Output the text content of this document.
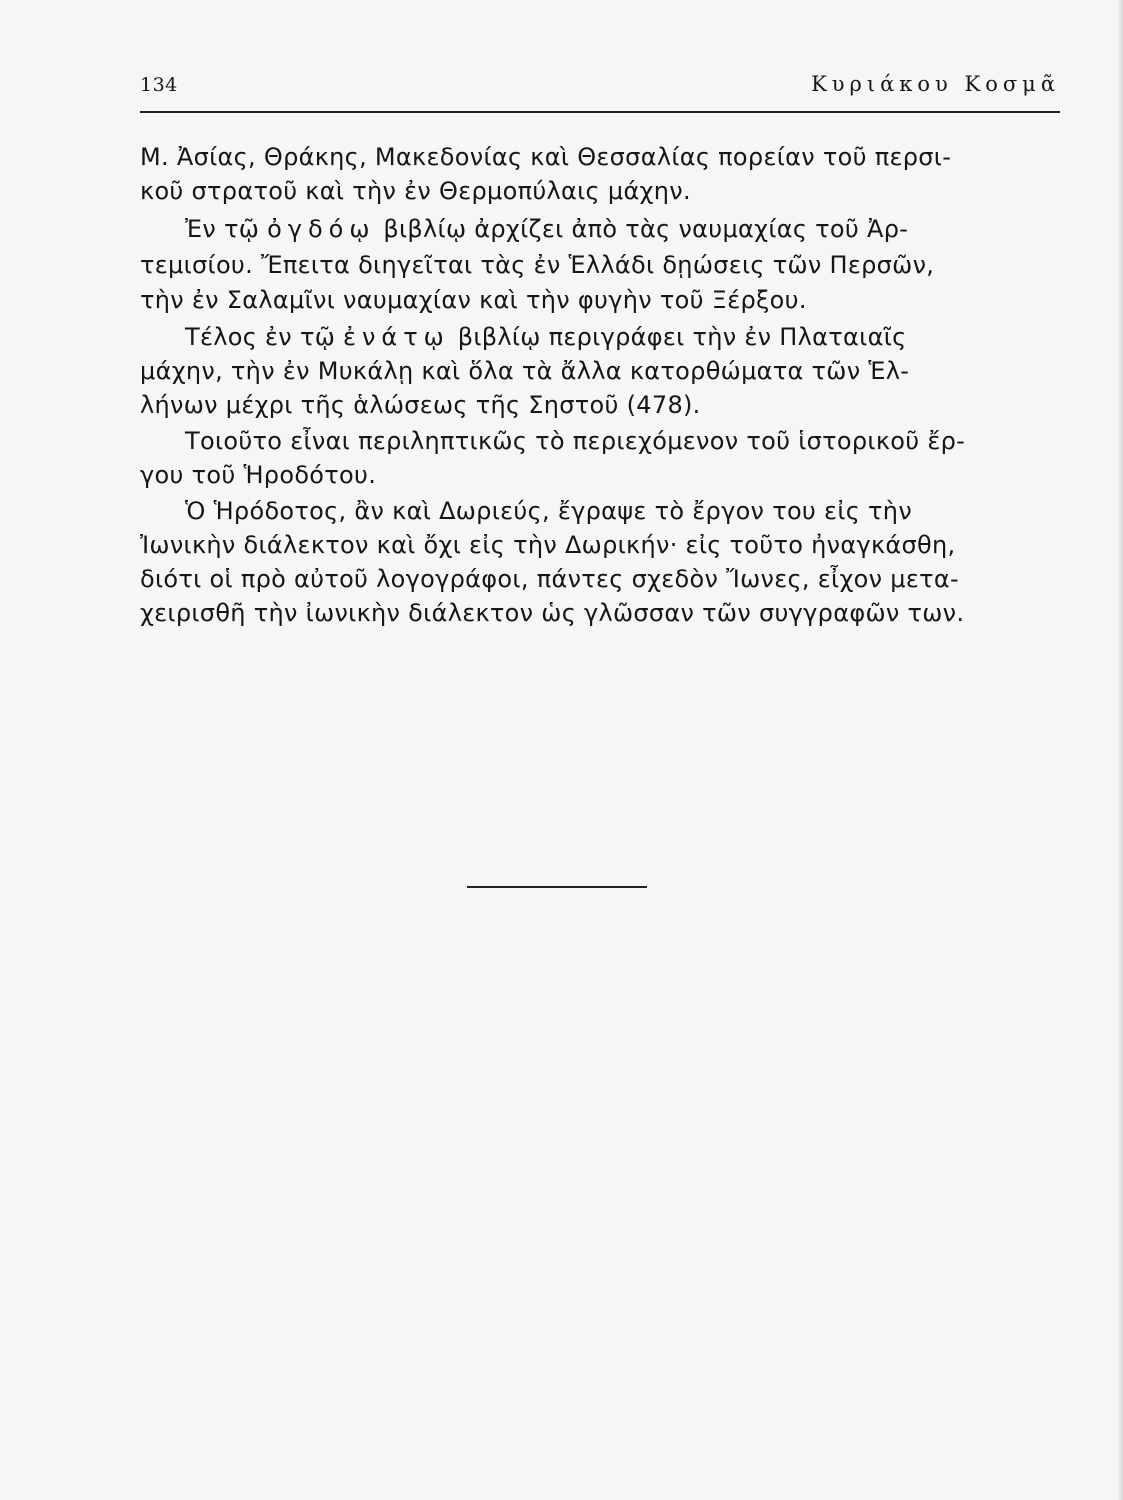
134	Κυριάκου Κοσμᾶ
Μ. Ἀσίας, Θράκης, Μακεδονίας καὶ Θεσσαλίας πορείαν τοῦ περσι-
κοῦ στρατοῦ καὶ τὴν ἐν Θερμοπύλαις μάχην.
Ἐν τῷ ὀγδόῳ βιβλίῳ ἀρχίζει ἀπὸ τὰς ναυμαχίας τοῦ Ἀρ-
τεμισίου. Ἔπειτα διηγεῖται τὰς ἐν Ἑλλάδι δῃώσεις τῶν Περσῶν,
τὴν ἐν Σαλαμῖνι ναυμαχίαν καὶ τὴν φυγὴν τοῦ Ξέρξου.
Τέλος ἐν τῷ ἐνάτῳ βιβλίῳ περιγράφει τὴν ἐν Πλαταιαῖς
μάχην, τὴν ἐν Μυκάλῃ καὶ ὅλα τὰ ἄλλα κατορθώματα τῶν Ἑλ-
λήνων μέχρι τῆς ἁλώσεως τῆς Σηστοῦ (478).
Τοιοῦτο εἶναι περιληπτικῶς τὸ περιεχόμενον τοῦ ἱστορικοῦ ἔρ-
γου τοῦ Ἡροδότου.
Ὁ Ἡρόδοτος, ἂν καὶ Δωριεύς, ἔγραψε τὸ ἔργον του εἰς τὴν
Ἰωνικὴν διάλεκτον καὶ ὄχι εἰς τὴν Δωρικήν· εἰς τοῦτο ἠναγκάσθη,
διότι οἱ πρὸ αὐτοῦ λογογράφοι, πάντες σχεδὸν Ἴωνες, εἶχον μετα-
χειρισθῆ τὴν ἰωνικὴν διάλεκτον ὡς γλῶσσαν τῶν συγγραφῶν των.
